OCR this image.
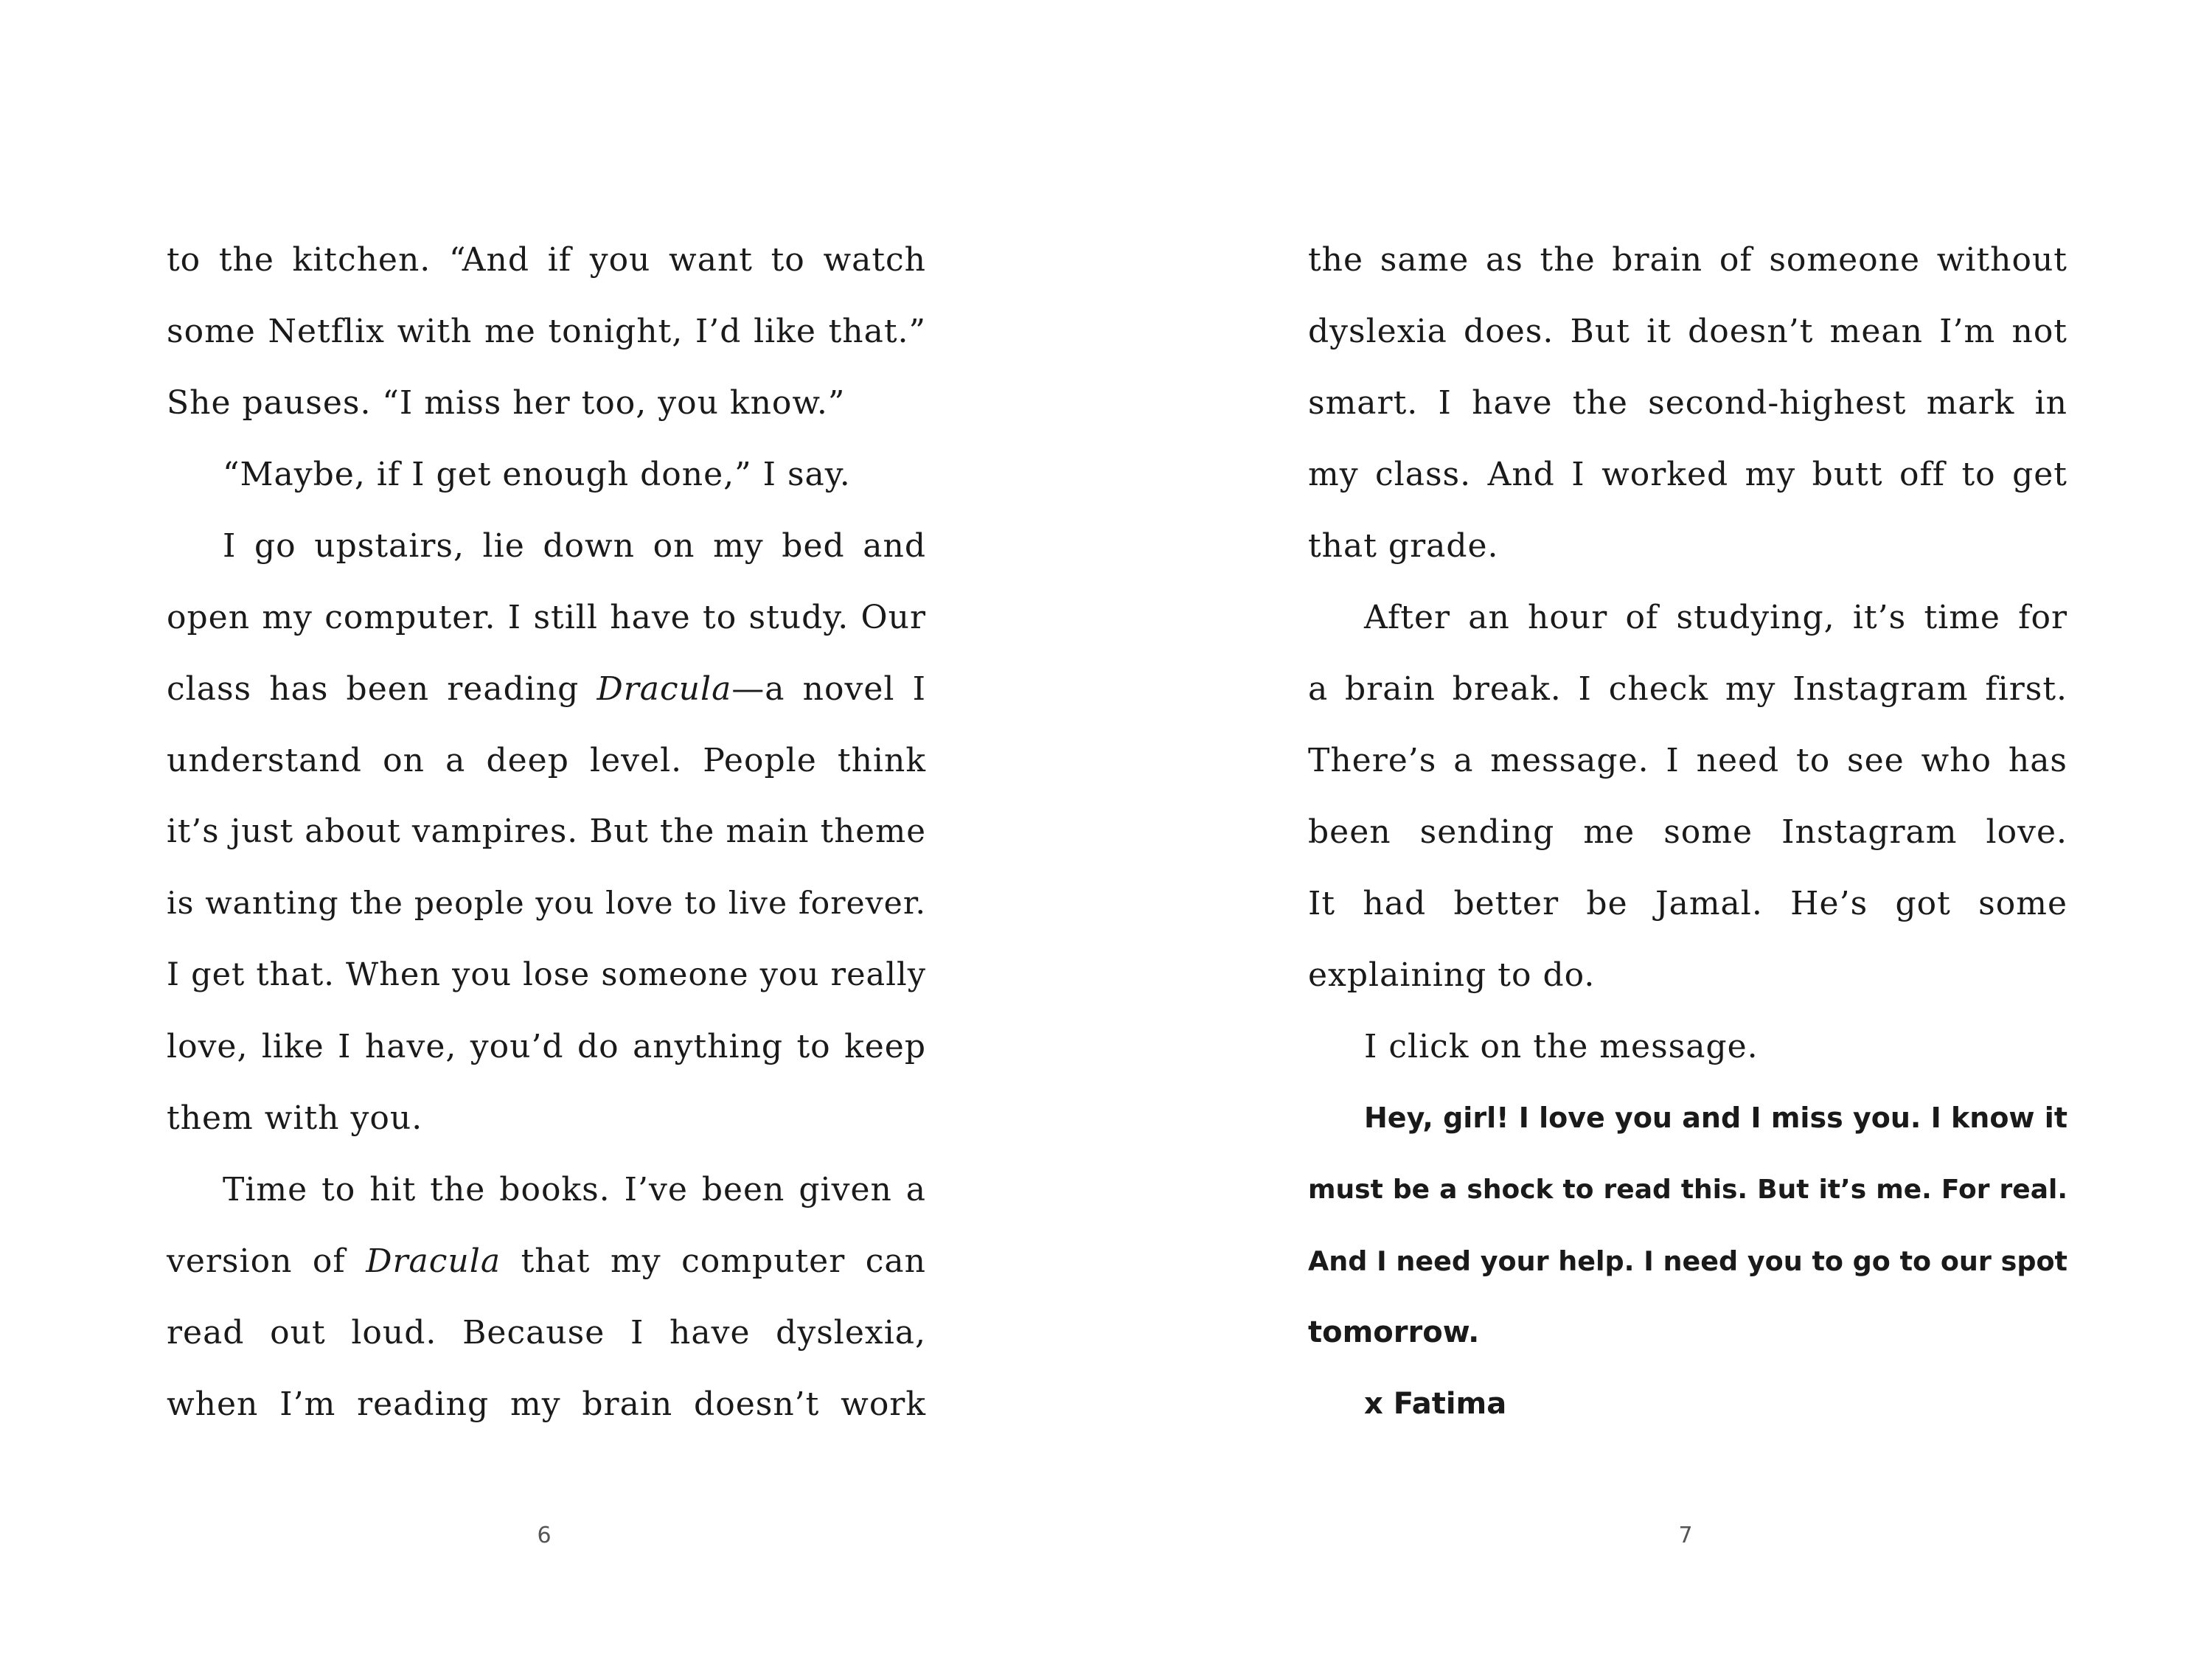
to the kitchen. “And if you want to watch
some Netflix with me tonight, I’d like that.”
She pauses. “I miss her too, you know.”
“Maybe, if I get enough done,” I say.
I go upstairs, lie down on my bed and
open my computer. I still have to study. Our
class has been reading Dracula—a novel I
understand on a deep level. People think
it’s just about vampires. But the main theme
is wanting the people you love to live forever.
I get that. When you lose someone you really
love, like I have, you’d do anything to keep
them with you.
Time to hit the books. I’ve been given a
version of Dracula that my computer can
read out loud. Because I have dyslexia,
when I’m reading my brain doesn’t work
6
the same as the brain of someone without
dyslexia does. But it doesn’t mean I’m not
smart. I have the second-highest mark in
my class. And I worked my butt off to get
that grade.
After an hour of studying, it’s time for
a brain break. I check my Instagram first.
There’s a message. I need to see who has
been sending me some Instagram love.
It had better be Jamal. He’s got some
explaining to do.
I click on the message.
Hey, girl! I love you and I miss you. I know it
must be a shock to read this. But it’s me. For real.
And I need your help. I need you to go to our spot
tomorrow.
x Fatima
7
